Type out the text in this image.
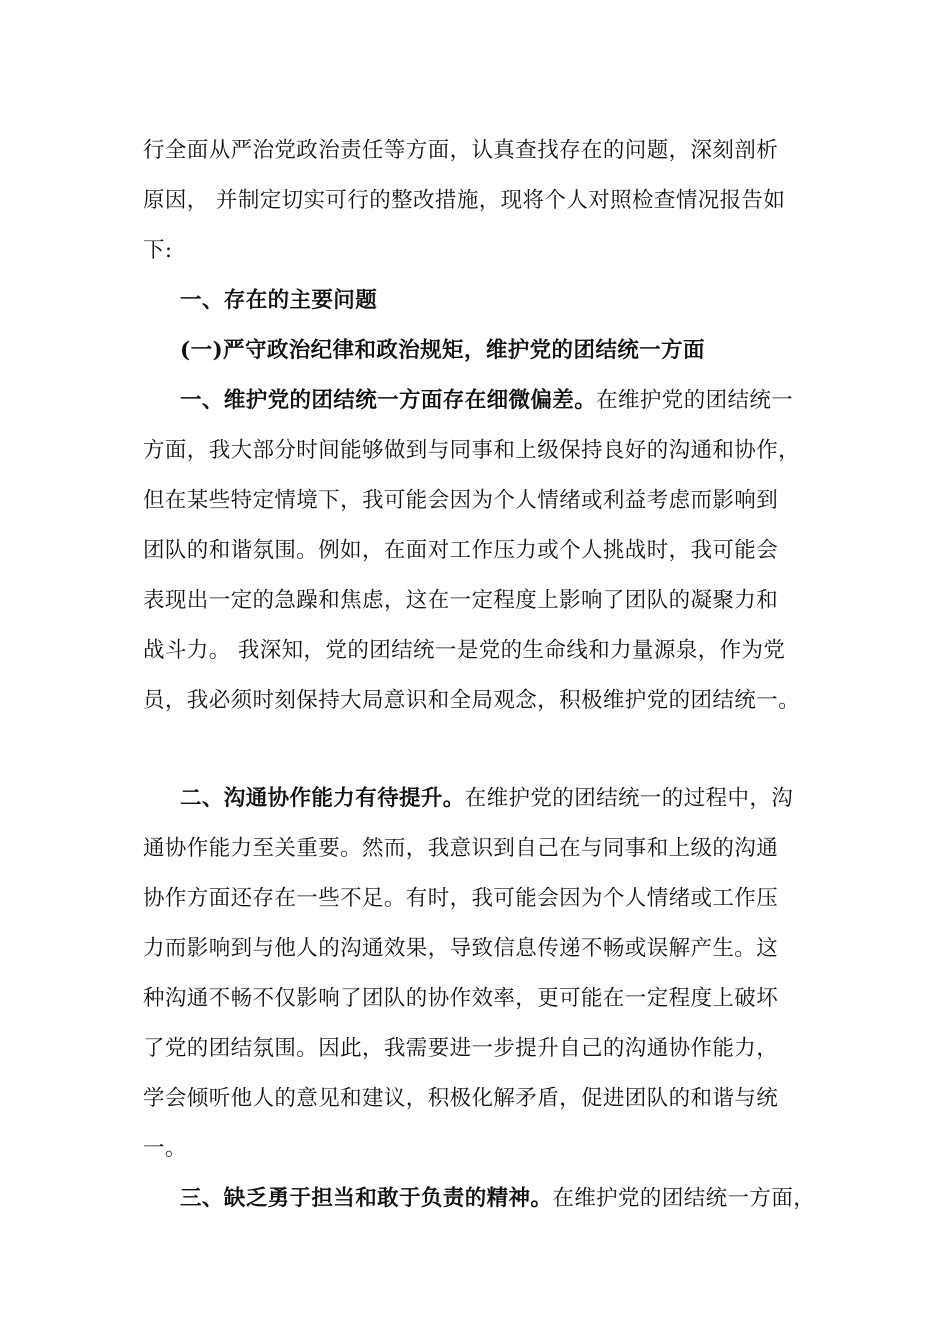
行全面从严治党政治责任等方面，认真查找存在的问题，深刻剖析
原因， 并制定切实可行的整改措施，现将个人对照检查情况报告如
下:
一、存在的主要问题
(一)严守政治纪律和政治规矩，维护党的团结统一方面
一、维护党的团结统一方面存在细微偏差。在维护党的团结统一
方面，我大部分时间能够做到与同事和上级保持良好的沟通和协作，
但在某些特定情境下，我可能会因为个人情绪或利益考虑而影响到
团队的和谐氛围。例如，在面对工作压力或个人挑战时，我可能会
表现出一定的急躁和焦虑，这在一定程度上影响了团队的凝聚力和
战斗力。 我深知，党的团结统一是党的生命线和力量源泉，作为党
员，我必须时刻保持大局意识和全局观念，积极维护党的团结统一。
二、沟通协作能力有待提升。在维护党的团结统一的过程中，沟
通协作能力至关重要。然而，我意识到自己在与同事和上级的沟通
协作方面还存在一些不足。有时，我可能会因为个人情绪或工作压
力而影响到与他人的沟通效果，导致信息传递不畅或误解产生。这
种沟通不畅不仅影响了团队的协作效率，更可能在一定程度上破坏
了党的团结氛围。因此，我需要进一步提升自己的沟通协作能力，
学会倾听他人的意见和建议，积极化解矛盾，促进团队的和谐与统
一。
三、缺乏勇于担当和敢于负责的精神。在维护党的团结统一方面，
